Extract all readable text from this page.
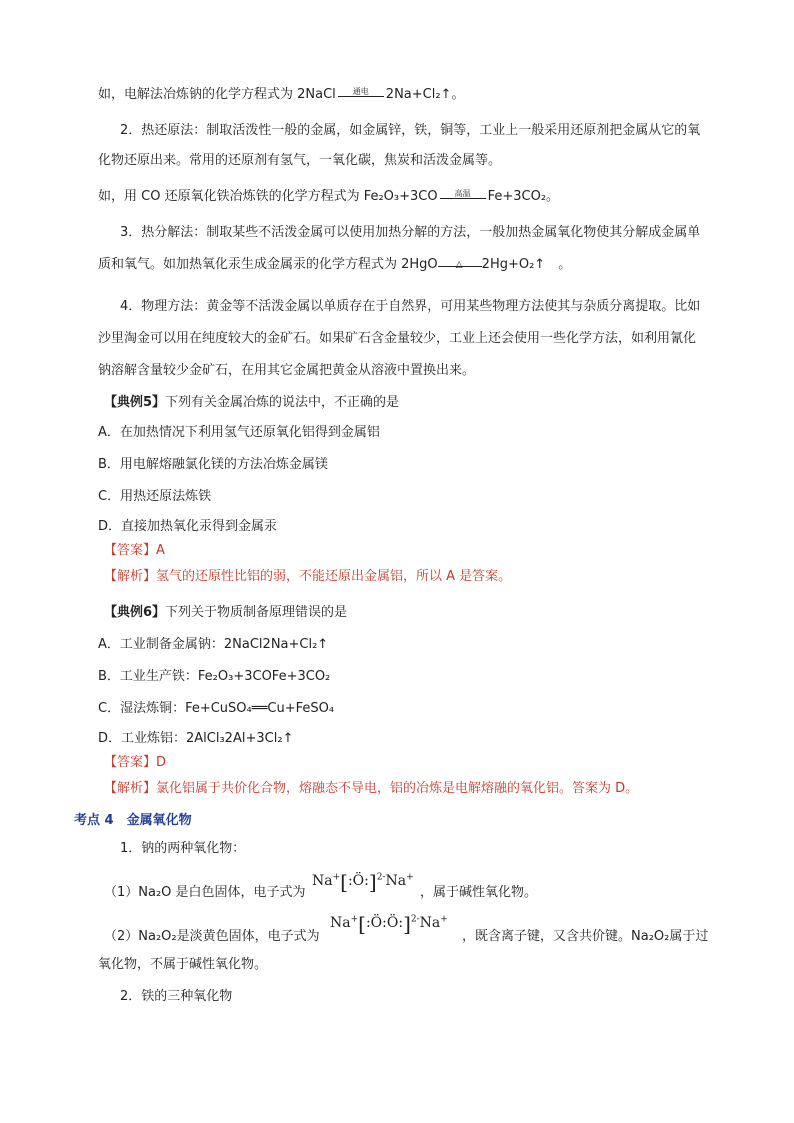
如，电解法冶炼钠的化学方程式为 2NaCl	通电	2Na+Cl₂↑。
2．热还原法：制取活泼性一般的金属，如金属锌，铁，铜等，工业上一般采用还原剂把金属从它的氧
化物还原出来。常用的还原剂有氢气，一氧化碳，焦炭和活泼金属等。
如，用 CO 还原氧化铁冶炼铁的化学方程式为 Fe₂O₃+3CO	高温	Fe+3CO₂。
3．热分解法：制取某些不活泼金属可以使用加热分解的方法，一般加热金属氧化物使其分解成金属单
质和氧气。如加热氧化汞生成金属汞的化学方程式为 2HgO △ 2Hg+O₂↑　。
4．物理方法：黄金等不活泼金属以单质存在于自然界，可用某些物理方法使其与杂质分离提取。比如
沙里淘金可以用在纯度较大的金矿石。如果矿石含金量较少，工业上还会使用一些化学方法，如利用氰化
钠溶解含量较少金矿石，在用其它金属把黄金从溶液中置换出来。
【典例5】下列有关金属冶炼的说法中，不正确的是
A．在加热情况下利用氢气还原氧化铝得到金属铝
B．用电解熔融氯化镁的方法冶炼金属镁
C．用热还原法炼铁
D．直接加热氧化汞得到金属汞
【答案】A
【解析】氢气的还原性比铝的弱，不能还原出金属铝，所以 A 是答案。
【典例6】下列关于物质制备原理错误的是
A．工业制备金属钠：2NaCl2Na+Cl₂↑
B．工业生产铁：Fe₂O₃+3COFe+3CO₂
C．湿法炼铜：Fe+CuSO₄══Cu+FeSO₄
D．工业炼铝：2AlCl₃2Al+3Cl₂↑
【答案】D
【解析】氯化铝属于共价化合物，熔融态不导电，铝的冶炼是电解熔融的氧化铝。答案为 D。
考点 4　金属氧化物
1．钠的两种氧化物：
（1）Na₂O 是白色固体，电子式为
Na+[:Ö:]$^{2-}$Na+
，属于碱性氧化物。
（2）Na₂O₂是淡黄色固体，电子式为
Na+[:Ö:Ö:]$^{2-}$Na+
，既含离子键，又含共价键。Na₂O₂属于过
氧化物，不属于碱性氧化物。
2．铁的三种氧化物
